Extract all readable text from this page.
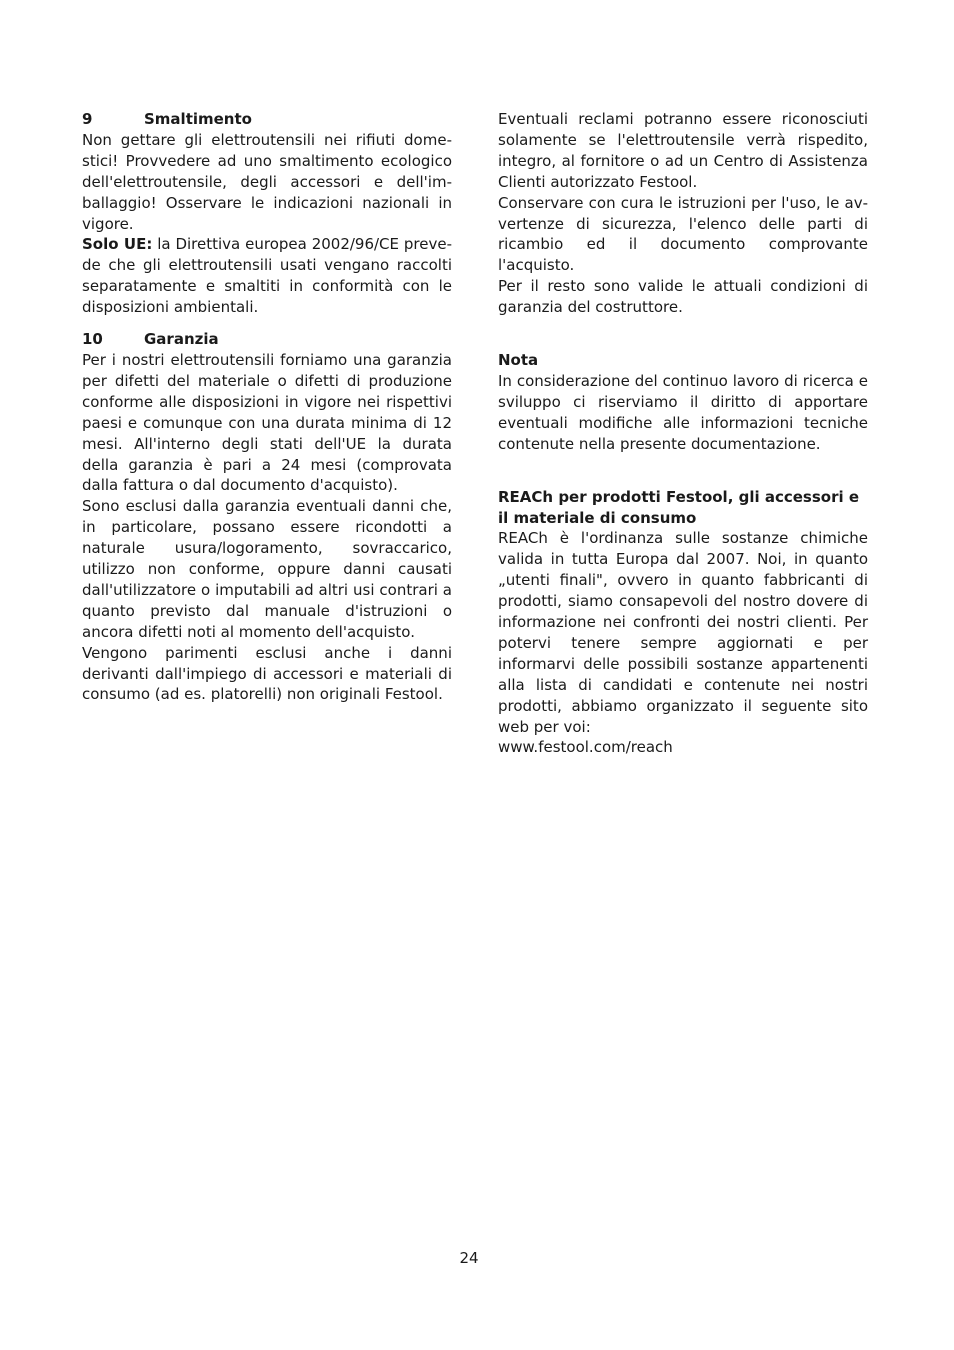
9	Smaltimento

Non gettare gli elettroutensili nei rifiuti domestici! Provvedere ad uno smaltimento ecologico dell'elettroutensile, degli accessori e dell'imballaggio! Osservare le indicazioni nazionali in vigore.

Solo UE: la Direttiva europea 2002/96/CE prevede che gli elettroutensili usati vengano raccolti separatamente e smaltiti in conformità con le disposizioni ambientali.

10	Garanzia

Per i nostri elettroutensili forniamo una garanzia per difetti del materiale o difetti di produzione conforme alle disposizioni in vigore nei rispettivi paesi e comunque con una durata minima di 12 mesi. All'interno degli stati dell'UE la durata della garanzia è pari a 24 mesi (comprovata dalla fattura o dal documento d'acquisto).

Sono esclusi dalla garanzia eventuali danni che, in particolare, possano essere ricondotti a naturale usura/logoramento, sovraccarico, utilizzo non conforme, oppure danni causati dall'utilizzatore o imputabili ad altri usi contrari a quanto previsto dal manuale d'istruzioni o ancora difetti noti al momento dell'acquisto.

Vengono parimenti esclusi anche i danni derivanti dall'impiego di accessori e materiali di consumo (ad es. platorelli) non originali Festool.

Eventuali reclami potranno essere riconosciuti solamente se l'elettroutensile verrà rispedito, integro, al fornitore o ad un Centro di Assistenza Clienti autorizzato Festool.

Conservare con cura le istruzioni per l'uso, le avvertenze di sicurezza, l'elenco delle parti di ricambio ed il documento comprovante l'acquisto.

Per il resto sono valide le attuali condizioni di garanzia del costruttore.

Nota

In considerazione del continuo lavoro di ricerca e sviluppo ci riserviamo il diritto di apportare eventuali modifiche alle informazioni tecniche contenute nella presente documentazione.

REACh per prodotti Festool, gli accessori e il materiale di consumo

REACh è l'ordinanza sulle sostanze chimiche valida in tutta Europa dal 2007. Noi, in quanto „utenti finali", ovvero in quanto fabbricanti di prodotti, siamo consapevoli del nostro dovere di informazione nei confronti dei nostri clienti. Per potervi tenere sempre aggiornati e per informarvi delle possibili sostanze appartenenti alla lista di candidati e contenute nei nostri prodotti, abbiamo organizzato il seguente sito web per voi:

www.festool.com/reach

24
